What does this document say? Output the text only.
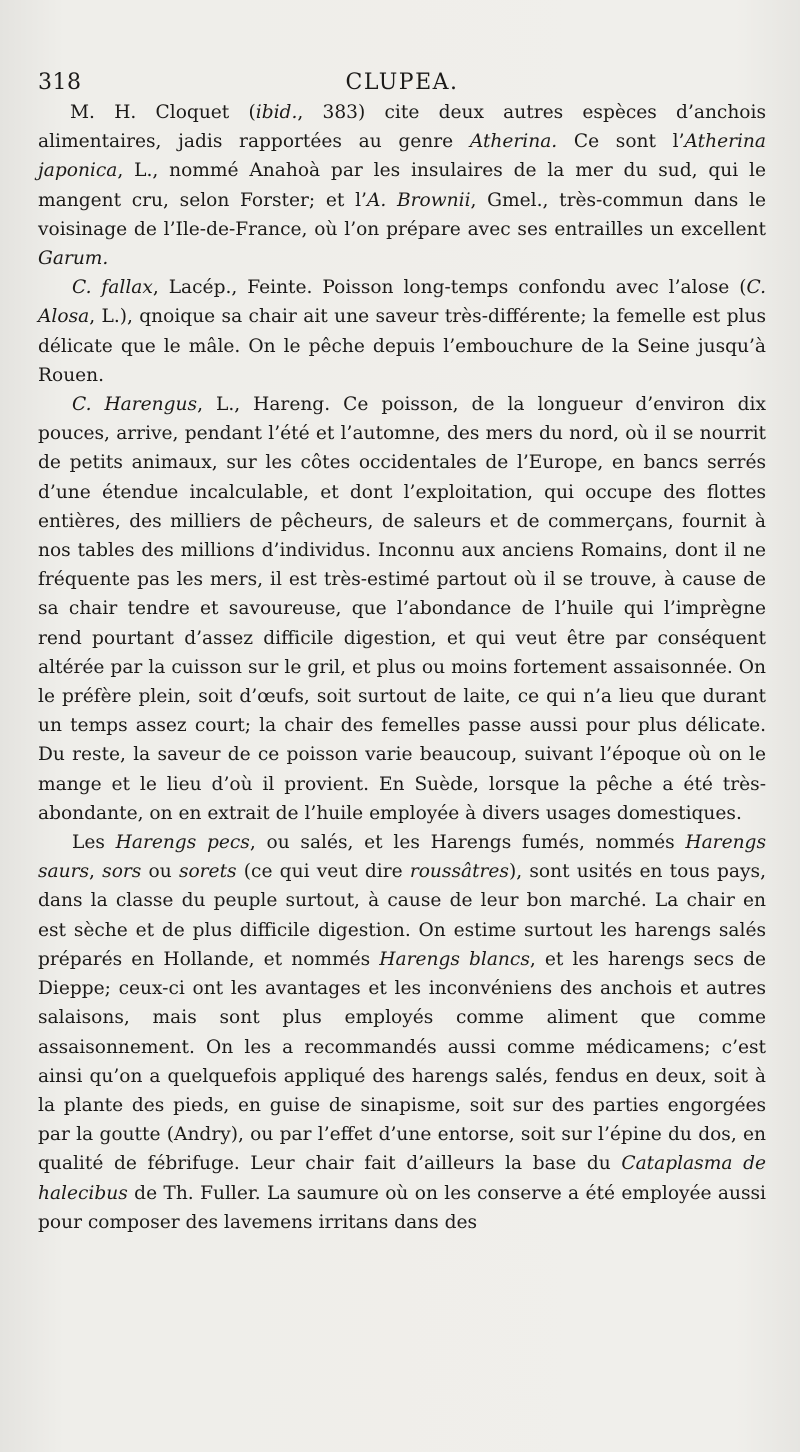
318	CLUPEA.

M. H. Cloquet (ibid., 383) cite deux autres espèces d’anchois alimentaires, jadis rapportées au genre Atherina. Ce sont l’Atherina japonica, L., nommé Anahoà par les insulaires de la mer du sud, qui le mangent cru, selon Forster; et l’A. Brownii, Gmel., très-commun dans le voisinage de l’Ile-de-France, où l’on prépare avec ses entrailles un excellent Garum.

C. fallax, Lacép., Feinte. Poisson long-temps confondu avec l’alose (C. Alosa, L.), qnoique sa chair ait une saveur très-différente; la femelle est plus délicate que le mâle. On le pêche depuis l’embouchure de la Seine jusqu’à Rouen.

C. Harengus, L., Hareng. Ce poisson, de la longueur d’environ dix pouces, arrive, pendant l’été et l’automne, des mers du nord, où il se nourrit de petits animaux, sur les côtes occidentales de l’Europe, en bancs serrés d’une étendue incalculable, et dont l’exploitation, qui occupe des flottes entières, des milliers de pêcheurs, de saleurs et de commerçans, fournit à nos tables des millions d’individus. Inconnu aux anciens Romains, dont il ne fréquente pas les mers, il est très-estimé partout où il se trouve, à cause de sa chair tendre et savoureuse, que l’abondance de l’huile qui l’imprègne rend pourtant d’assez difficile digestion, et qui veut être par conséquent altérée par la cuisson sur le gril, et plus ou moins fortement assaisonnée. On le préfère plein, soit d’œufs, soit surtout de laite, ce qui n’a lieu que durant un temps assez court; la chair des femelles passe aussi pour plus délicate. Du reste, la saveur de ce poisson varie beaucoup, suivant l’époque où on le mange et le lieu d’où il provient. En Suède, lorsque la pêche a été très-abondante, on en extrait de l’huile employée à divers usages domestiques.

Les Harengs pecs, ou salés, et les Harengs fumés, nommés Harengs saurs, sors ou sorets (ce qui veut dire roussâtres), sont usités en tous pays, dans la classe du peuple surtout, à cause de leur bon marché. La chair en est sèche et de plus difficile digestion. On estime surtout les harengs salés préparés en Hollande, et nommés Harengs blancs, et les harengs secs de Dieppe; ceux-ci ont les avantages et les inconvéniens des anchois et autres salaisons, mais sont plus employés comme aliment que comme assaisonnement. On les a recommandés aussi comme médicamens; c’est ainsi qu’on a quelquefois appliqué des harengs salés, fendus en deux, soit à la plante des pieds, en guise de sinapisme, soit sur des parties engorgées par la goutte (Andry), ou par l’effet d’une entorse, soit sur l’épine du dos, en qualité de fébrifuge. Leur chair fait d’ailleurs la base du Cataplasma de halecibus de Th. Fuller. La saumure où on les conserve a été employée aussi pour composer des lavemens irritans dans des
